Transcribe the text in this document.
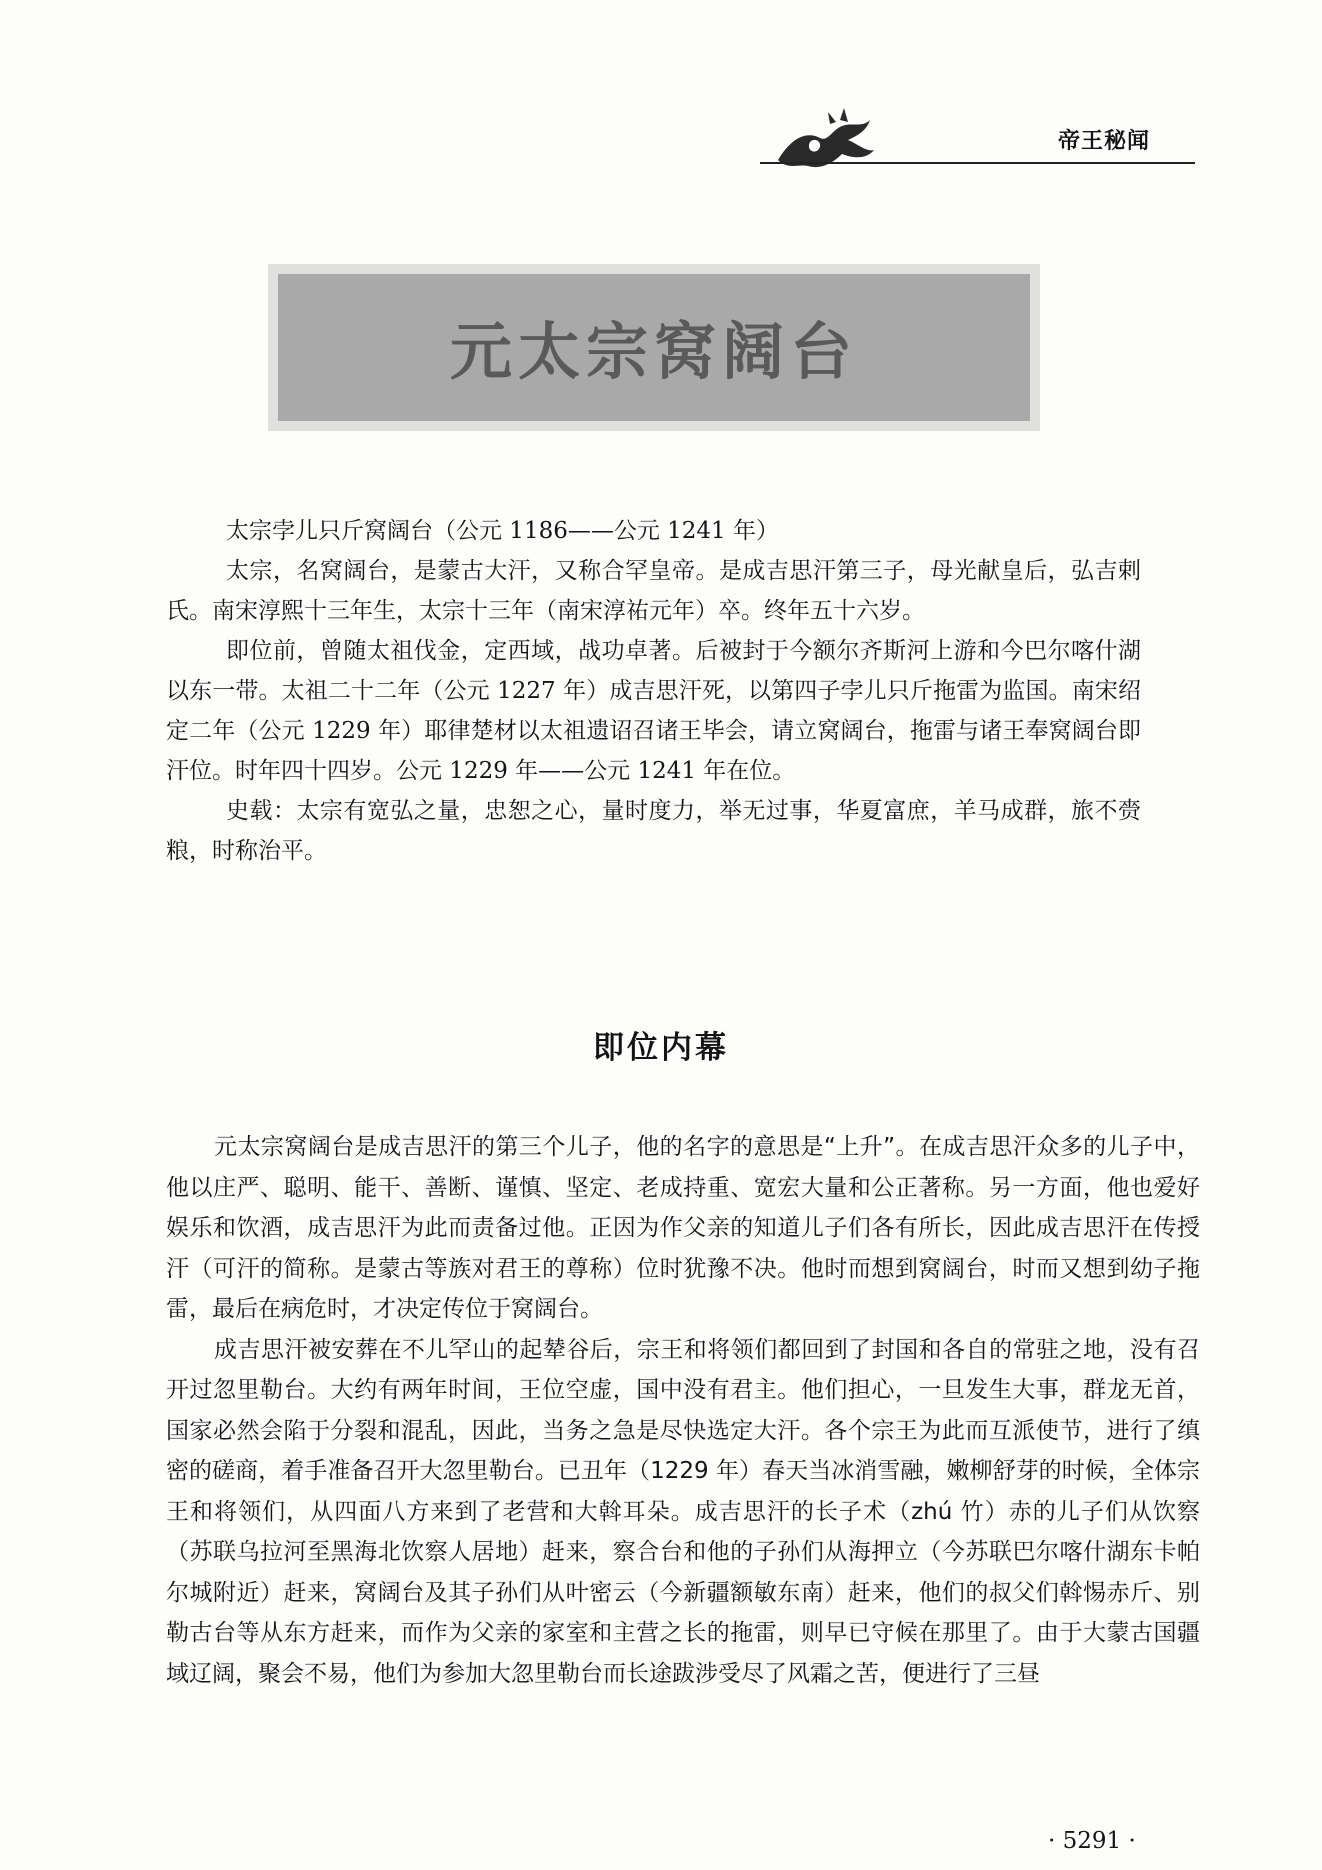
帝王秘闻
元太宗窝阔台

太宗孛儿只斤窝阔台（公元 1186——公元 1241 年）

太宗，名窝阔台，是蒙古大汗，又称合罕皇帝。是成吉思汗第三子，母光献皇后，弘吉剌氏。南宋淳熙十三年生，太宗十三年（南宋淳祐元年）卒。终年五十六岁。

即位前，曾随太祖伐金，定西域，战功卓著。后被封于今额尔齐斯河上游和今巴尔喀什湖以东一带。太祖二十二年（公元 1227 年）成吉思汗死，以第四子孛儿只斤拖雷为监国。南宋绍定二年（公元 1229 年）耶律楚材以太祖遗诏召诸王毕会，请立窝阔台，拖雷与诸王奉窝阔台即汗位。时年四十四岁。公元 1229 年——公元 1241 年在位。

史载：太宗有宽弘之量，忠恕之心，量时度力，举无过事，华夏富庶，羊马成群，旅不赍粮，时称治平。

即位内幕

元太宗窝阔台是成吉思汗的第三个儿子，他的名字的意思是“上升”。在成吉思汗众多的儿子中，他以庄严、聪明、能干、善断、谨慎、坚定、老成持重、宽宏大量和公正著称。另一方面，他也爱好娱乐和饮酒，成吉思汗为此而责备过他。正因为作父亲的知道儿子们各有所长，因此成吉思汗在传授汗（可汗的简称。是蒙古等族对君王的尊称）位时犹豫不决。他时而想到窝阔台，时而又想到幼子拖雷，最后在病危时，才决定传位于窝阔台。

成吉思汗被安葬在不儿罕山的起辇谷后，宗王和将领们都回到了封国和各自的常驻之地，没有召开过忽里勒台。大约有两年时间，王位空虚，国中没有君主。他们担心，一旦发生大事，群龙无首，国家必然会陷于分裂和混乱，因此，当务之急是尽快选定大汗。各个宗王为此而互派使节，进行了缜密的磋商，着手准备召开大忽里勒台。已丑年（1229 年）春天当冰消雪融，嫩柳舒芽的时候，全体宗王和将领们，从四面八方来到了老营和大斡耳朵。成吉思汗的长子术（zhú 竹）赤的儿子们从饮察（苏联乌拉河至黑海北饮察人居地）赶来，察合台和他的子孙们从海押立（今苏联巴尔喀什湖东卡帕尔城附近）赶来，窝阔台及其子孙们从叶密云（今新疆额敏东南）赶来，他们的叔父们斡惕赤斤、别勒古台等从东方赶来，而作为父亲的家室和主营之长的拖雷，则早已守候在那里了。由于大蒙古国疆域辽阔，聚会不易，他们为参加大忽里勒台而长途跋涉受尽了风霜之苦，便进行了三昼

· 5291 ·
